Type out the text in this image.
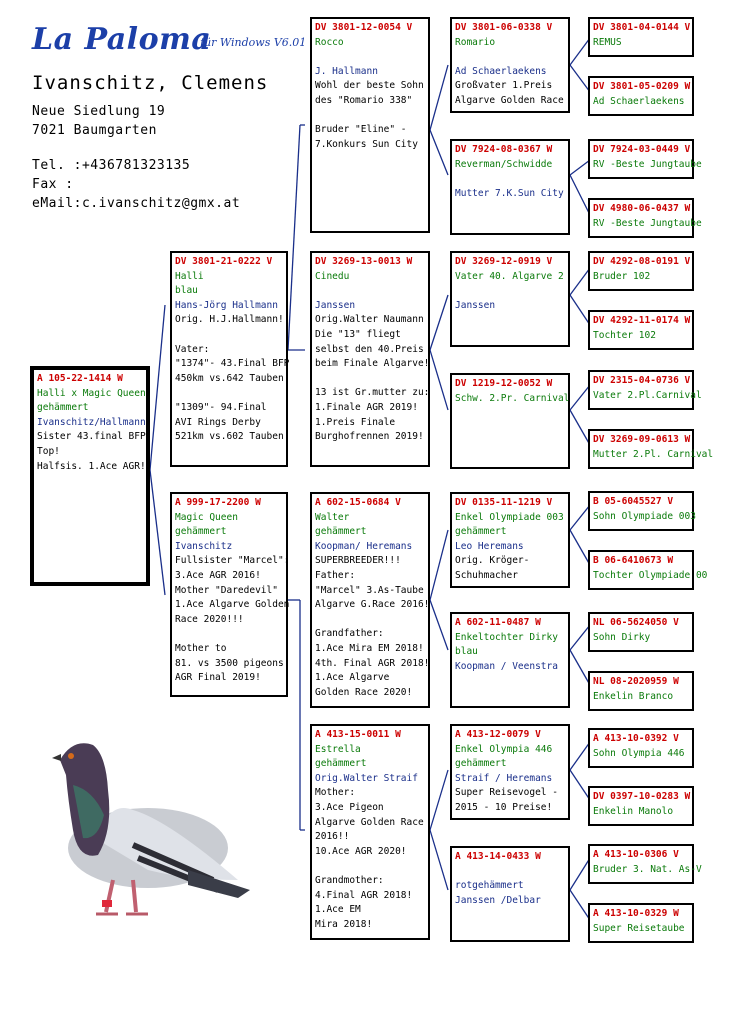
La Paloma
für Windows V6.01
Ivanschitz, Clemens
Neue Siedlung 19
7021 Baumgarten
Tel. :+436781323135
Fax :
eMail:c.ivanschitz@gmx.at
A 105-22-1414 W
Halli x Magic Queen
gehämmert
Ivanschitz/Hallmann
Sister 43.final BFP!
Top!
Halfsis. 1.Ace AGR!
DV 3801-21-0222 V
Halli
blau
Hans-Jörg Hallmann
Orig. H.J.Hallmann!

Vater:
"1374"- 43.Final BFP
450km vs.642 Tauben!

"1309"- 94.Final
AVI Rings Derby
521km vs.602 Tauben!
A 999-17-2200 W
Magic Queen
gehämmert
Ivanschitz
Fullsister "Marcel":
3.Ace AGR 2016!
Mother "Daredevil"
1.Ace Algarve Golden
Race 2020!!!

Mother to
81. vs 3500 pigeons
AGR Final 2019!
DV 3801-12-0054 V
Rocco

J. Hallmann
Wohl der beste Sohn
des "Romario 338"

Bruder "Eline" -
7.Konkurs Sun City
DV 3269-13-0013 W
Cinedu

Janssen
Orig.Walter Naumann
Die "13" fliegt
selbst den 40.Preis
beim Finale Algarve!

13 ist Gr.mutter zu:
1.Finale AGR 2019!
1.Preis Finale
Burghofrennen 2019!
A 602-15-0684 V
Walter
gehämmert
Koopman/ Heremans
SUPERBREEDER!!!
Father:
"Marcel" 3.As-Taube
Algarve G.Race 2016!

Grandfather:
1.Ace Mira EM 2018!
4th. Final AGR 2018!
1.Ace Algarve
Golden Race 2020!
A 413-15-0011 W
Estrella
gehämmert
Orig.Walter Straif
Mother:
3.Ace Pigeon
Algarve Golden Race
2016!!
10.Ace AGR 2020!

Grandmother:
4.Final AGR 2018!
1.Ace EM
Mira 2018!
DV 3801-06-0338 V
Romario

Ad Schaerlaekens
Großvater 1.Preis
Algarve Golden Race
DV 7924-08-0367 W
Reverman/Schwidde

Mutter 7.K.Sun City
DV 3269-12-0919 V
Vater 40. Algarve 2

Janssen
DV 1219-12-0052 W
Schw. 2.Pr. Carnival
DV 0135-11-1219 V
Enkel Olympiade 003
gehämmert
Leo Heremans
Orig. Kröger-
Schuhmacher
A 602-11-0487 W
Enkeltochter Dirky
blau
Koopman / Veenstra
A 413-12-0079 V
Enkel Olympia 446
gehämmert
Straif / Heremans
Super Reisevogel -
2015 - 10 Preise!
A 413-14-0433 W

rotgehämmert
Janssen /Delbar
DV 3801-04-0144 V
REMUS
DV 3801-05-0209 W
Ad Schaerlaekens
DV 7924-03-0449 V
RV -Beste Jungtaube
DV 4980-06-0437 W
RV -Beste Jungtaube
DV 4292-08-0191 V
Bruder 102
DV 4292-11-0174 W
Tochter 102
DV 2315-04-0736 V
Vater 2.Pl.Carnival
DV 3269-09-0613 W
Mutter 2.Pl. Carnival
B 05-6045527 V
Sohn Olympiade 003
B 06-6410673 W
Tochter Olympiade 00
NL 06-5624050 V
Sohn Dirky
NL 08-2020959 W
Enkelin Branco
A 413-10-0392 V
Sohn Olympia 446
DV 0397-10-0283 W
Enkelin Manolo
A 413-10-0306 V
Bruder 3. Nat. As-V
A 413-10-0329 W
Super Reisetaube
